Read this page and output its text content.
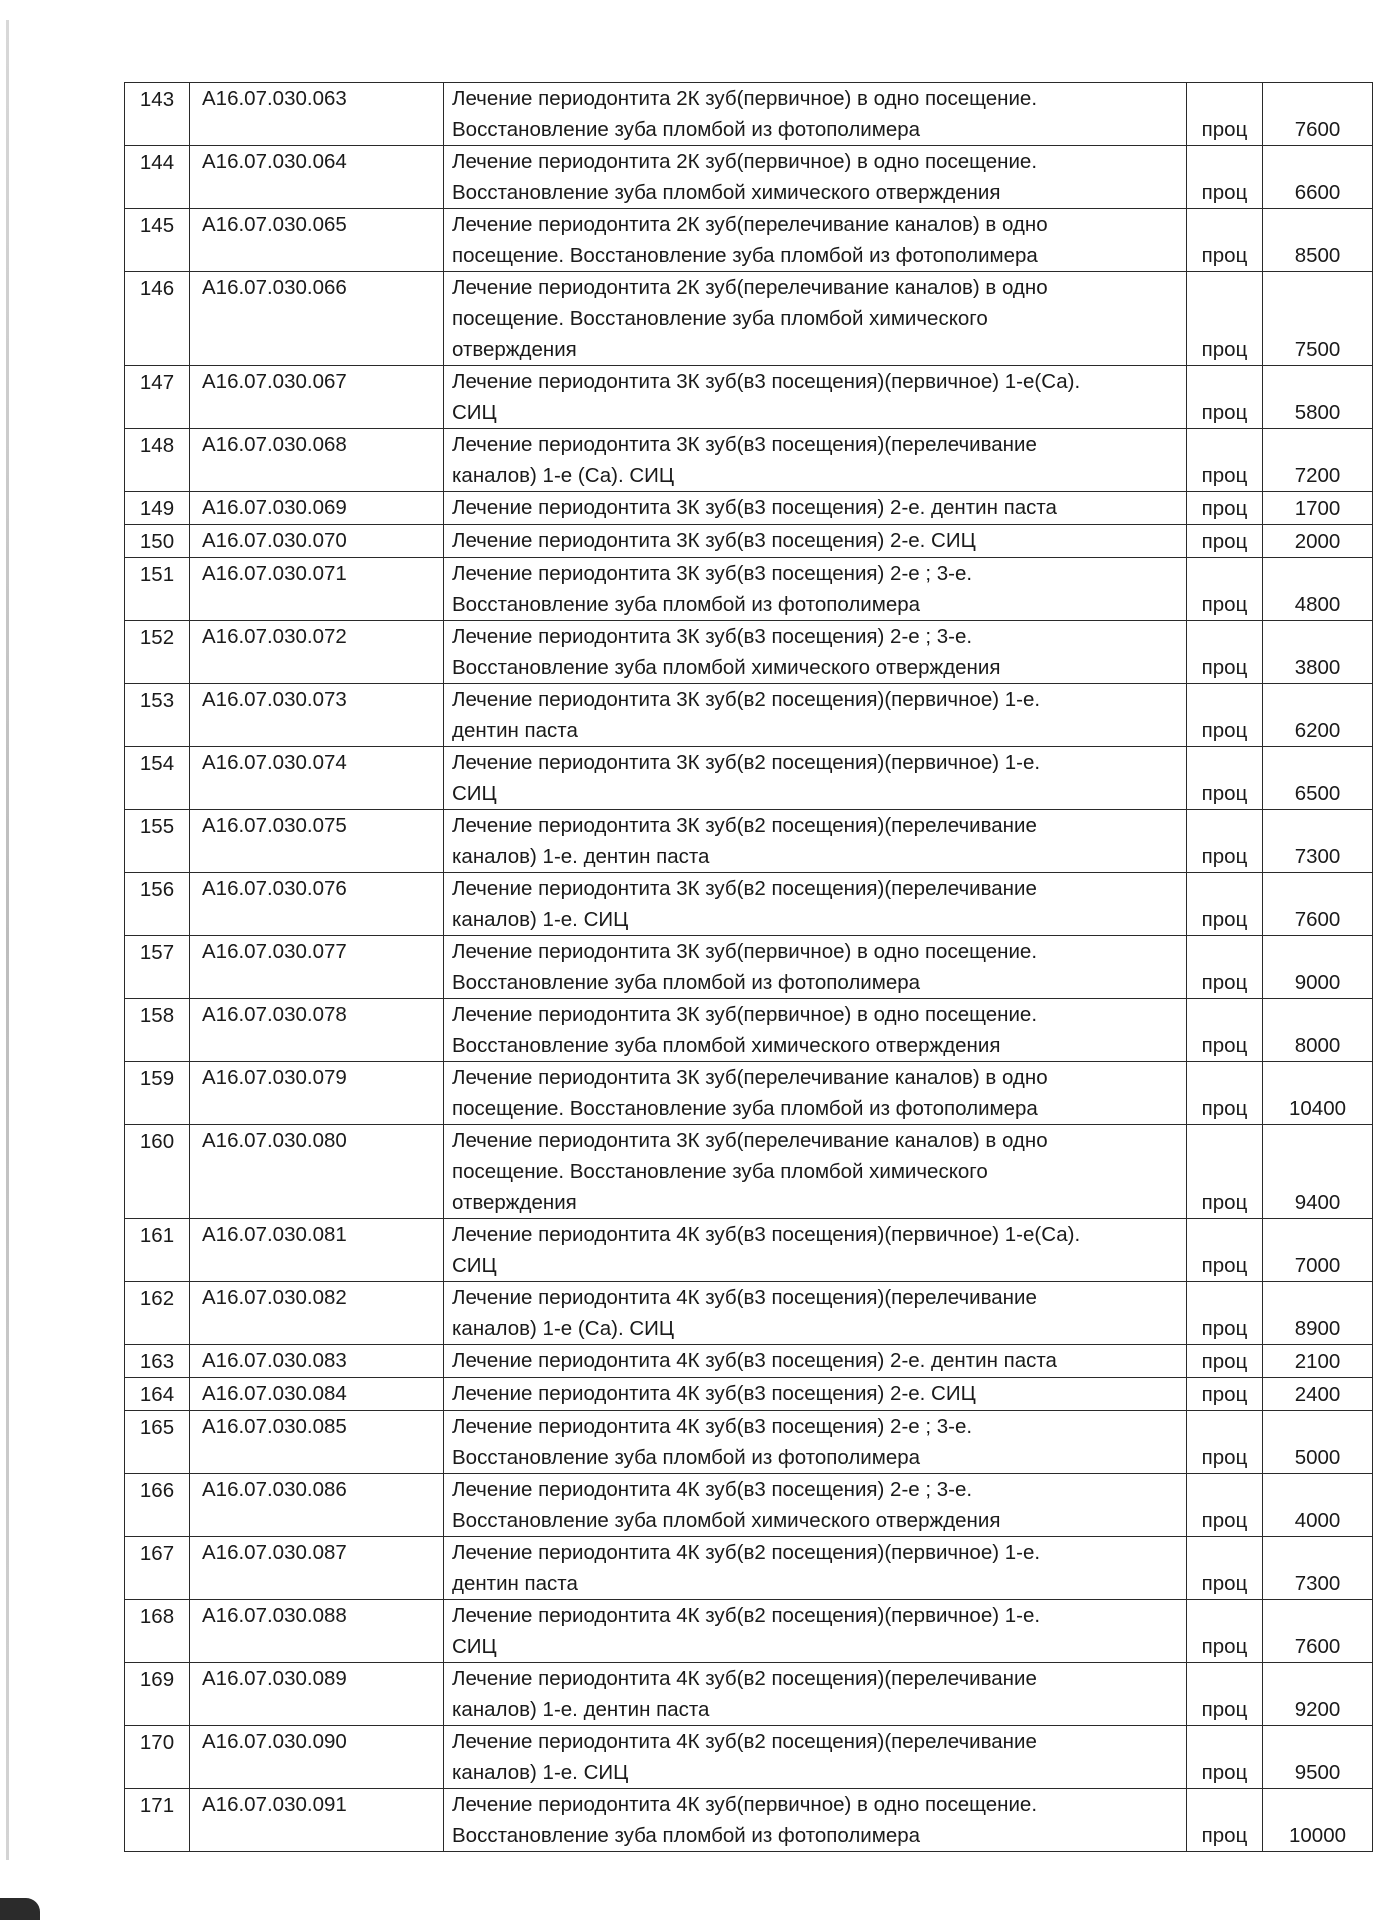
143	А16.07.030.063	Лечение периодонтита 2К зуб(первичное) в одно посещение.
Восстановление зуба пломбой из фотополимера	проц	7600
144	А16.07.030.064	Лечение периодонтита 2К зуб(первичное) в одно посещение.
Восстановление зуба пломбой химического отверждения	проц	6600
145	А16.07.030.065	Лечение периодонтита 2К зуб(перелечивание каналов) в одно
посещение. Восстановление зуба пломбой из фотополимера	проц	8500
146	А16.07.030.066	Лечение периодонтита 2К зуб(перелечивание каналов) в одно
посещение. Восстановление зуба пломбой химического
отверждения	проц	7500
147	А16.07.030.067	Лечение периодонтита 3К зуб(в3 посещения)(первичное) 1-е(Са).
СИЦ	проц	5800
148	А16.07.030.068	Лечение периодонтита 3К зуб(в3 посещения)(перелечивание
каналов) 1-е (Са). СИЦ	проц	7200
149	А16.07.030.069	Лечение периодонтита 3К зуб(в3 посещения) 2-е. дентин паста	проц	1700
150	А16.07.030.070	Лечение периодонтита 3К зуб(в3 посещения) 2-е. СИЦ	проц	2000
151	А16.07.030.071	Лечение периодонтита 3К зуб(в3 посещения) 2-е ; 3-е.
Восстановление зуба пломбой из фотополимера	проц	4800
152	А16.07.030.072	Лечение периодонтита 3К зуб(в3 посещения) 2-е ; 3-е.
Восстановление зуба пломбой химического отверждения	проц	3800
153	А16.07.030.073	Лечение периодонтита 3К зуб(в2 посещения)(первичное) 1-е.
дентин паста	проц	6200
154	А16.07.030.074	Лечение периодонтита 3К зуб(в2 посещения)(первичное) 1-е.
СИЦ	проц	6500
155	А16.07.030.075	Лечение периодонтита 3К зуб(в2 посещения)(перелечивание
каналов) 1-е. дентин паста	проц	7300
156	А16.07.030.076	Лечение периодонтита 3К зуб(в2 посещения)(перелечивание
каналов) 1-е. СИЦ	проц	7600
157	А16.07.030.077	Лечение периодонтита 3К зуб(первичное) в одно посещение.
Восстановление зуба пломбой из фотополимера	проц	9000
158	А16.07.030.078	Лечение периодонтита 3К зуб(первичное) в одно посещение.
Восстановление зуба пломбой химического отверждения	проц	8000
159	А16.07.030.079	Лечение периодонтита 3К зуб(перелечивание каналов) в одно
посещение. Восстановление зуба пломбой из фотополимера	проц	10400
160	А16.07.030.080	Лечение периодонтита 3К зуб(перелечивание каналов) в одно
посещение. Восстановление зуба пломбой химического
отверждения	проц	9400
161	А16.07.030.081	Лечение периодонтита 4К зуб(в3 посещения)(первичное) 1-е(Са).
СИЦ	проц	7000
162	А16.07.030.082	Лечение периодонтита 4К зуб(в3 посещения)(перелечивание
каналов) 1-е (Са). СИЦ	проц	8900
163	А16.07.030.083	Лечение периодонтита 4К зуб(в3 посещения) 2-е. дентин паста	проц	2100
164	А16.07.030.084	Лечение периодонтита 4К зуб(в3 посещения) 2-е. СИЦ	проц	2400
165	А16.07.030.085	Лечение периодонтита 4К зуб(в3 посещения) 2-е ; 3-е.
Восстановление зуба пломбой из фотополимера	проц	5000
166	А16.07.030.086	Лечение периодонтита 4К зуб(в3 посещения) 2-е ; 3-е.
Восстановление зуба пломбой химического отверждения	проц	4000
167	А16.07.030.087	Лечение периодонтита 4К зуб(в2 посещения)(первичное) 1-е.
дентин паста	проц	7300
168	А16.07.030.088	Лечение периодонтита 4К зуб(в2 посещения)(первичное) 1-е.
СИЦ	проц	7600
169	А16.07.030.089	Лечение периодонтита 4К зуб(в2 посещения)(перелечивание
каналов) 1-е. дентин паста	проц	9200
170	А16.07.030.090	Лечение периодонтита 4К зуб(в2 посещения)(перелечивание
каналов) 1-е. СИЦ	проц	9500
171	А16.07.030.091	Лечение периодонтита 4К зуб(первичное) в одно посещение.
Восстановление зуба пломбой из фотополимера	проц	10000
